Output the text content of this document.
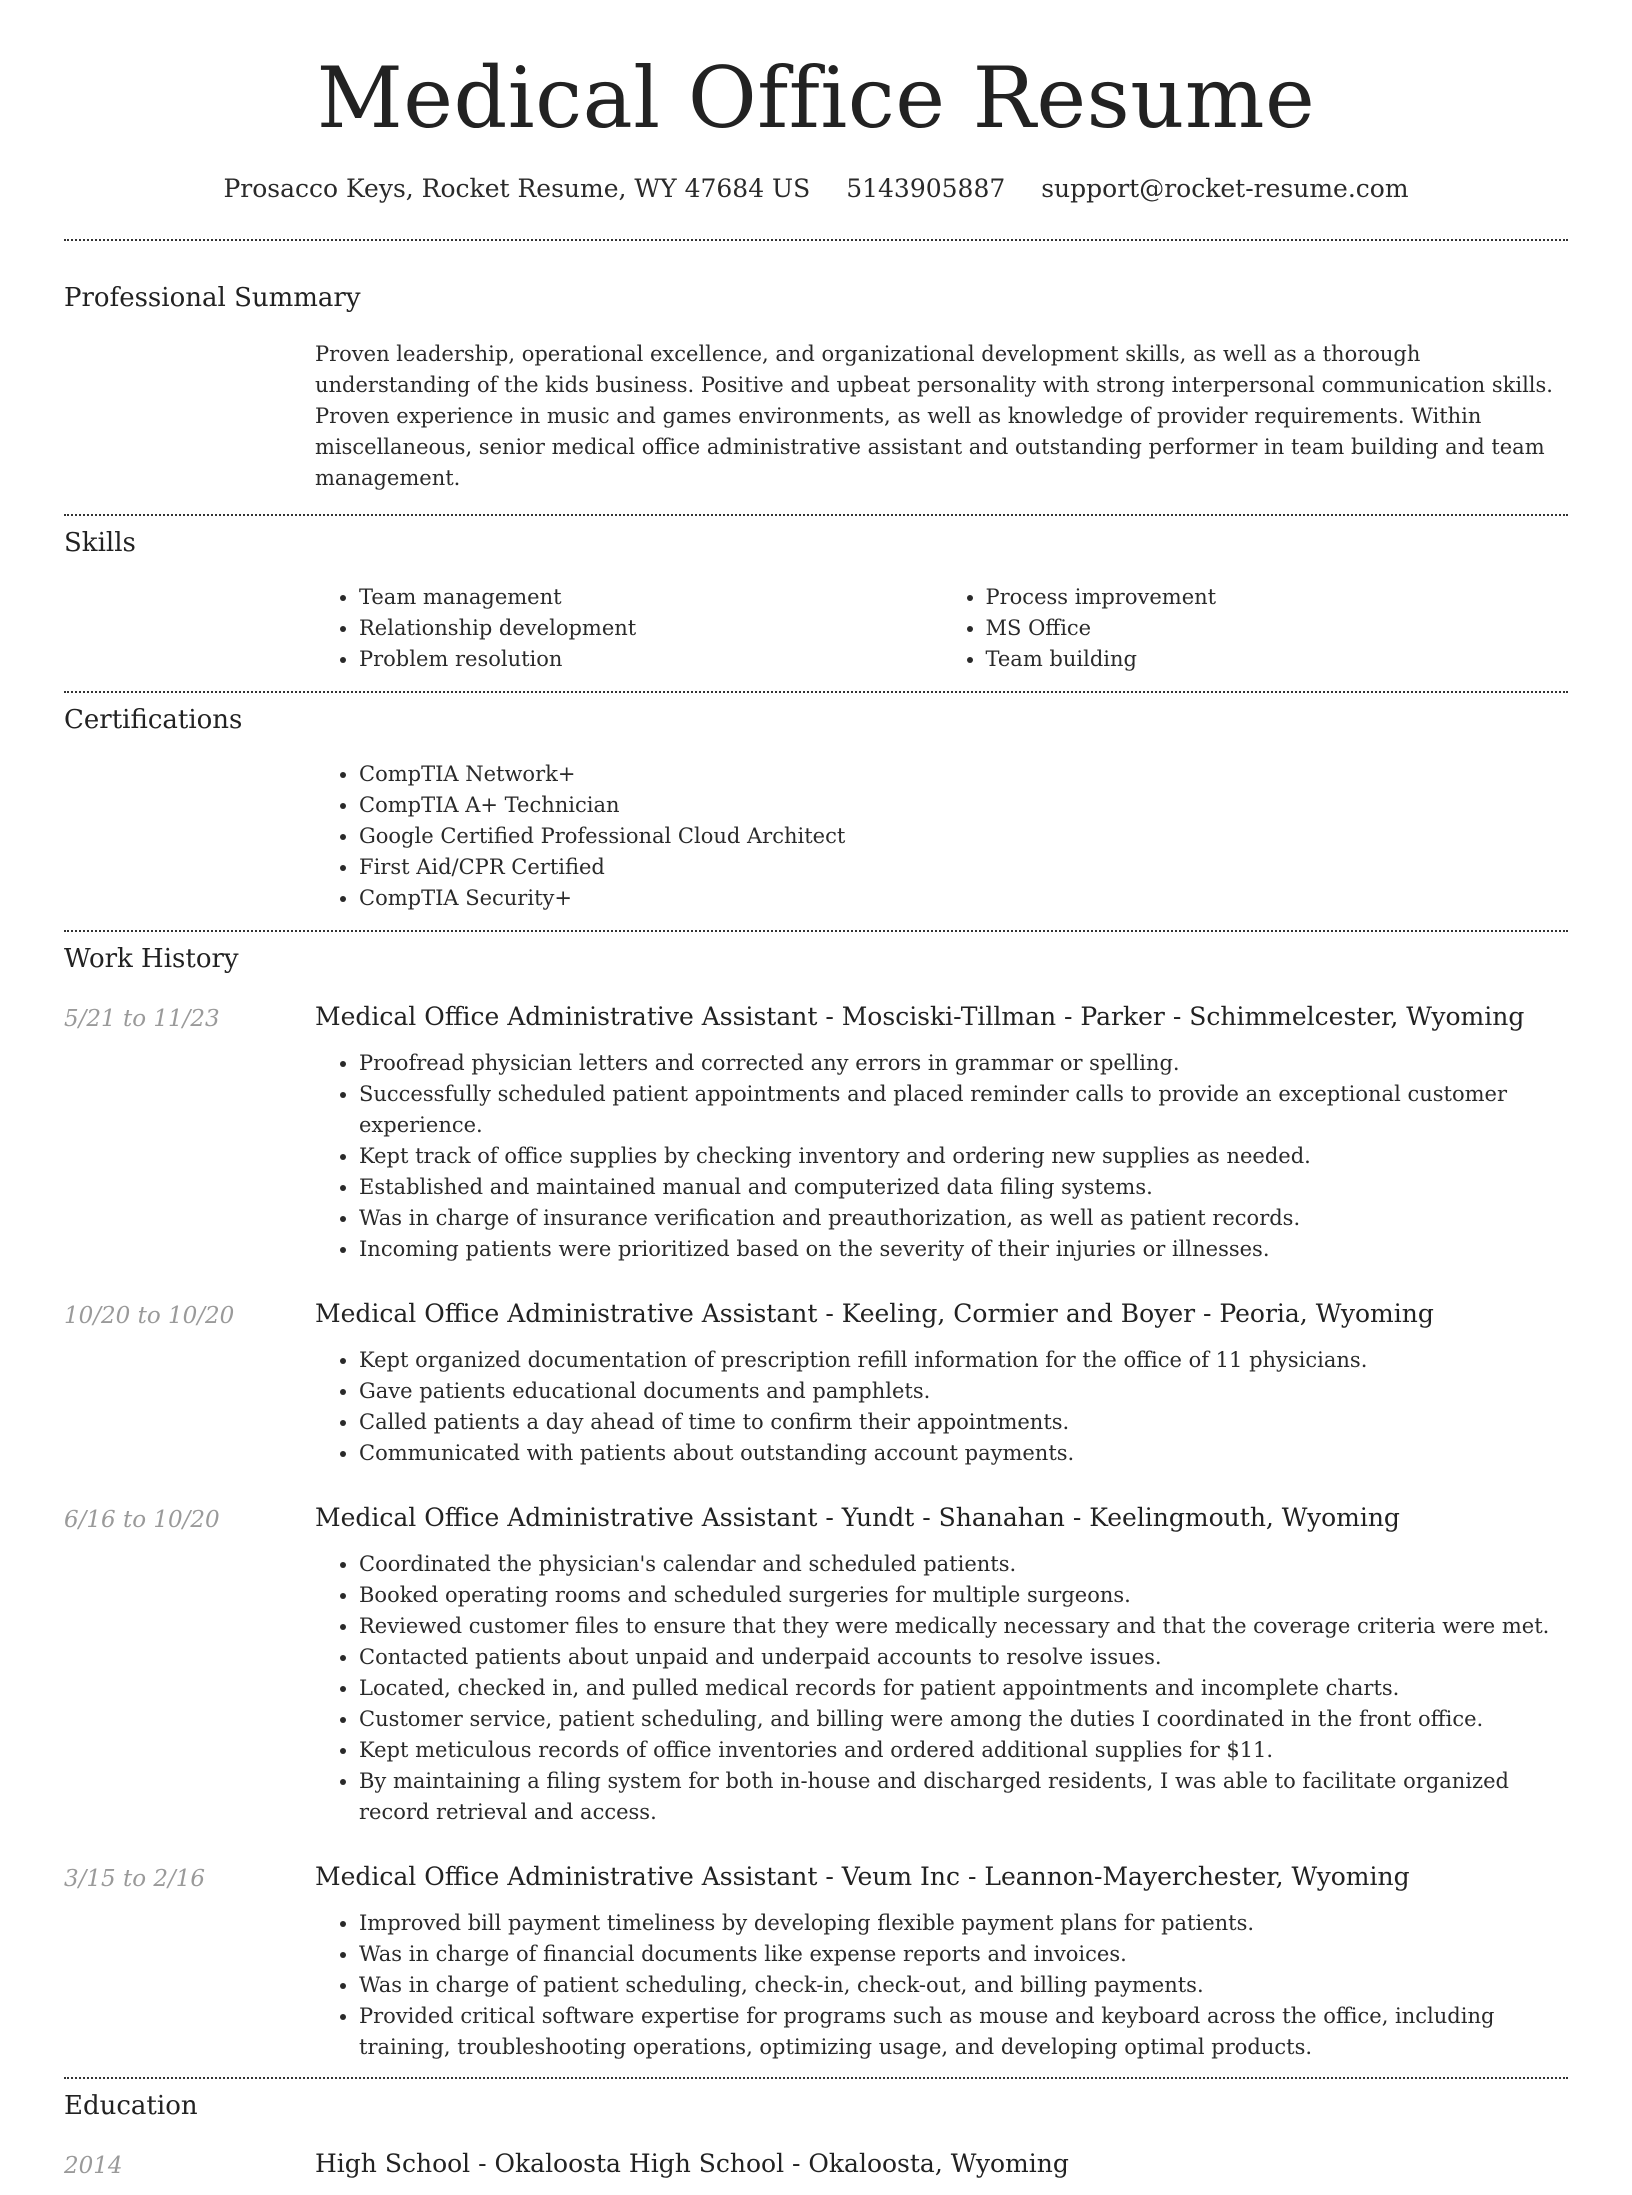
Medical Office Resume
Prosacco Keys, Rocket Resume, WY 47684 US 5143905887 support@rocket-resume.com
Professional Summary

Proven leadership, operational excellence, and organizational development skills, as well as a thorough understanding of the kids business. Positive and upbeat personality with strong interpersonal communication skills. Proven experience in music and games environments, as well as knowledge of provider requirements. Within miscellaneous, senior medical office administrative assistant and outstanding performer in team building and team management.

Skills
• Team management
• Relationship development
• Problem resolution
• Process improvement
• MS Office
• Team building
Certifications
• CompTIA Network+
• CompTIA A+ Technician
• Google Certified Professional Cloud Architect
• First Aid/CPR Certified
• CompTIA Security+
Work History
5/21 to 11/23	Medical Office Administrative Assistant - Mosciski-Tillman - Parker - Schimmelcester, Wyoming
• Proofread physician letters and corrected any errors in grammar or spelling.
• Successfully scheduled patient appointments and placed reminder calls to provide an exceptional customer experience.
• Kept track of office supplies by checking inventory and ordering new supplies as needed.
• Established and maintained manual and computerized data filing systems.
• Was in charge of insurance verification and preauthorization, as well as patient records.
• Incoming patients were prioritized based on the severity of their injuries or illnesses.
10/20 to 10/20	Medical Office Administrative Assistant - Keeling, Cormier and Boyer - Peoria, Wyoming
• Kept organized documentation of prescription refill information for the office of 11 physicians.
• Gave patients educational documents and pamphlets.
• Called patients a day ahead of time to confirm their appointments.
• Communicated with patients about outstanding account payments.
6/16 to 10/20	Medical Office Administrative Assistant - Yundt - Shanahan - Keelingmouth, Wyoming
• Coordinated the physician's calendar and scheduled patients.
• Booked operating rooms and scheduled surgeries for multiple surgeons.
• Reviewed customer files to ensure that they were medically necessary and that the coverage criteria were met.
• Contacted patients about unpaid and underpaid accounts to resolve issues.
• Located, checked in, and pulled medical records for patient appointments and incomplete charts.
• Customer service, patient scheduling, and billing were among the duties I coordinated in the front office.
• Kept meticulous records of office inventories and ordered additional supplies for $11.
• By maintaining a filing system for both in-house and discharged residents, I was able to facilitate organized record retrieval and access.
3/15 to 2/16	Medical Office Administrative Assistant - Veum Inc - Leannon-Mayerchester, Wyoming
• Improved bill payment timeliness by developing flexible payment plans for patients.
• Was in charge of financial documents like expense reports and invoices.
• Was in charge of patient scheduling, check-in, check-out, and billing payments.
• Provided critical software expertise for programs such as mouse and keyboard across the office, including training, troubleshooting operations, optimizing usage, and developing optimal products.
Education
2014	High School - Okaloosta High School - Okaloosta, Wyoming
